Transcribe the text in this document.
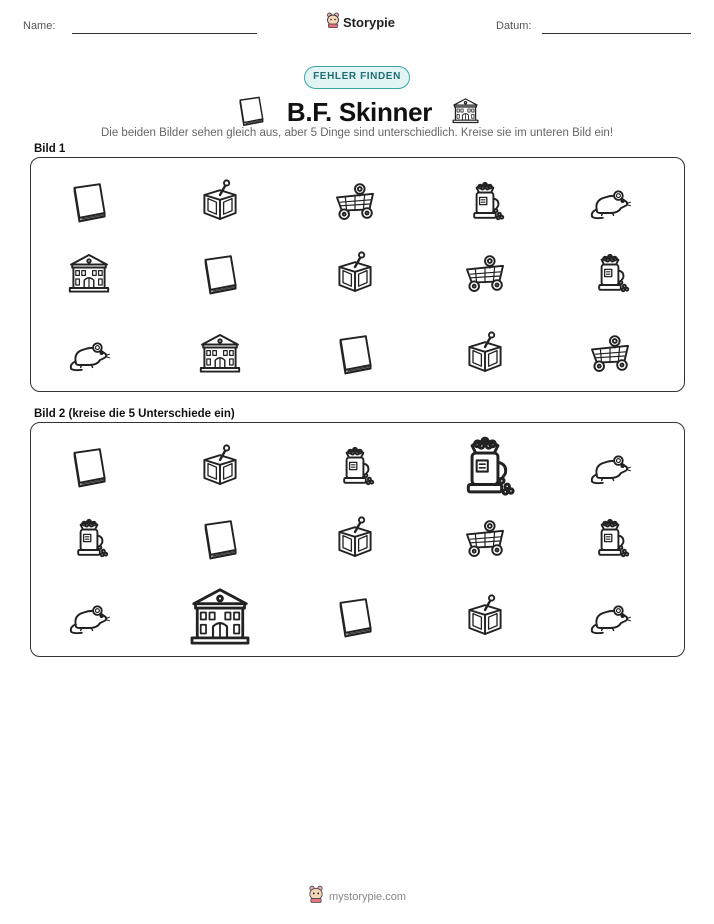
Name:	Storypie	Datum:
FEHLER FINDEN
B.F. Skinner
Die beiden Bilder sehen gleich aus, aber 5 Dinge sind unterschiedlich. Kreise sie im unteren Bild ein!
Bild 1
Bild 2 (kreise die 5 Unterschiede ein)
mystorypie.com
